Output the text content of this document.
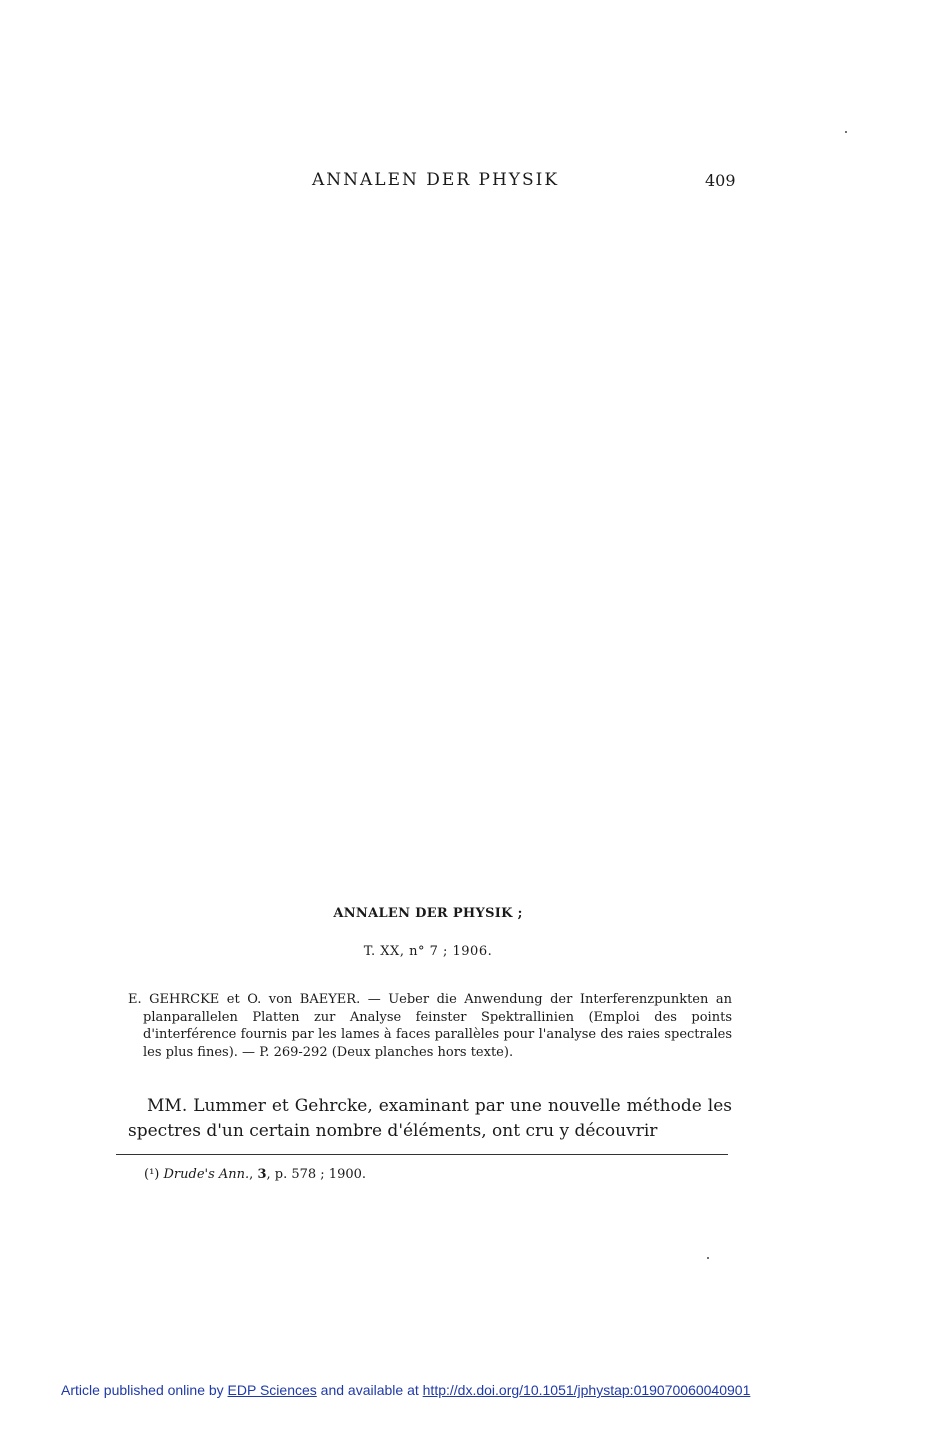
ANNALEN DER PHYSIK	409
ANNALEN DER PHYSIK ;
T. XX, n° 7 ; 1906.
E. GEHRCKE et O. von BAEYER. — Ueber die Anwendung der Interferenzpunkten an planparallelen Platten zur Analyse feinster Spektrallinien (Emploi des points d'interférence fournis par les lames à faces parallèles pour l'analyse des raies spectrales les plus fines). — P. 269-292 (Deux planches hors texte).
MM. Lummer et Gehrcke, examinant par une nouvelle méthode les spectres d'un certain nombre d'éléments, ont cru y découvrir
(¹) Drude's Ann., 3, p. 578 ; 1900.
Article published online by EDP Sciences and available at http://dx.doi.org/10.1051/jphystap:019070060040901
